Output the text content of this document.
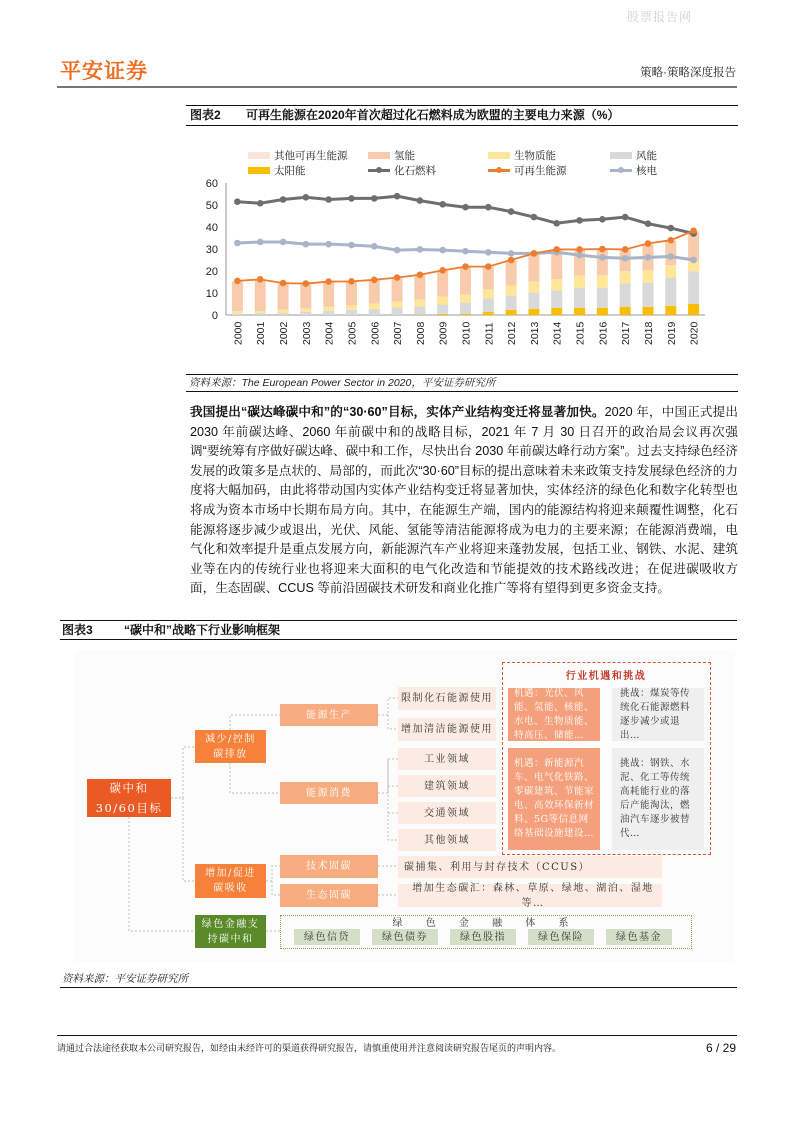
股票报告网
平安证券	策略·策略深度报告
图表2 可再生能源在2020年首次超过化石燃料成为欧盟的主要电力来源（%）
其他可再生能源	氢能	生物质能	风能
太阳能	化石燃料	可再生能源	核电
0
10
20
30
40
50
60
2000 2001 2002 2003 2004 2005 2006 2007 2008 2009 2010 2011 2012 2013 2014 2015 2016 2017 2018 2019 2020
资料来源：The European Power Sector in 2020，平安证券研究所
我国提出“碳达峰碳中和”的“30·60”目标，实体产业结构变迁将显著加快。2020 年，中国正式提出 2030 年前碳达峰、2060 年前碳中和的战略目标，2021 年 7 月 30 日召开的政治局会议再次强调“要统筹有序做好碳达峰、碳中和工作，尽快出台 2030 年前碳达峰行动方案”。过去支持绿色经济发展的政策多是点状的、局部的，而此次“30·60”目标的提出意味着未来政策支持发展绿色经济的力度将大幅加码，由此将带动国内实体产业结构变迁将显著加快，实体经济的绿色化和数字化转型也将成为资本市场中长期布局方向。其中，在能源生产端，国内的能源结构将迎来颠覆性调整，化石能源将逐步减少或退出，光伏、风能、氢能等清洁能源将成为电力的主要来源；在能源消费端，电气化和效率提升是重点发展方向，新能源汽车产业将迎来蓬勃发展，包括工业、钢铁、水泥、建筑业等在内的传统行业也将迎来大面积的电气化改造和节能提效的技术路线改进；在促进碳吸收方面，生态固碳、CCUS 等前沿固碳技术研发和商业化推广等将有望得到更多资金支持。
图表3	“碳中和”战略下行业影响框架
碳中和
30/60目标
减少/控制
碳排放
增加/促进
碳吸收
绿色金融支
持碳中和
能源生产
能源消费
技术固碳
生态固碳
限制化石能源使用
增加清洁能源使用
工业领域
建筑领域
交通领域
其他领域
碳捕集、利用与封存技术（CCUS）
增加生态碳汇：森林、草原、绿地、湖泊、湿地等…
行业机遇和挑战
机遇：光伏、风能、氢能、核能、水电、生物质能、特高压、储能…
挑战：煤炭等传统化石能源燃料逐步减少或退出…
机遇：新能源汽车、电气化铁路、零碳建筑、节能家电、高效环保新材料、5G等信息网络基础设施建设…
挑战：钢铁、水泥、化工等传统高耗能行业的落后产能淘汰，燃油汽车逐步被替代…
绿 色 金 融 体 系
绿色信贷	绿色债券	绿色股指	绿色保险	绿色基金
资料来源：平安证券研究所
请通过合法途径获取本公司研究报告，如经由未经许可的渠道获得研究报告，请慎重使用并注意阅读研究报告尾页的声明内容。	6 / 29
